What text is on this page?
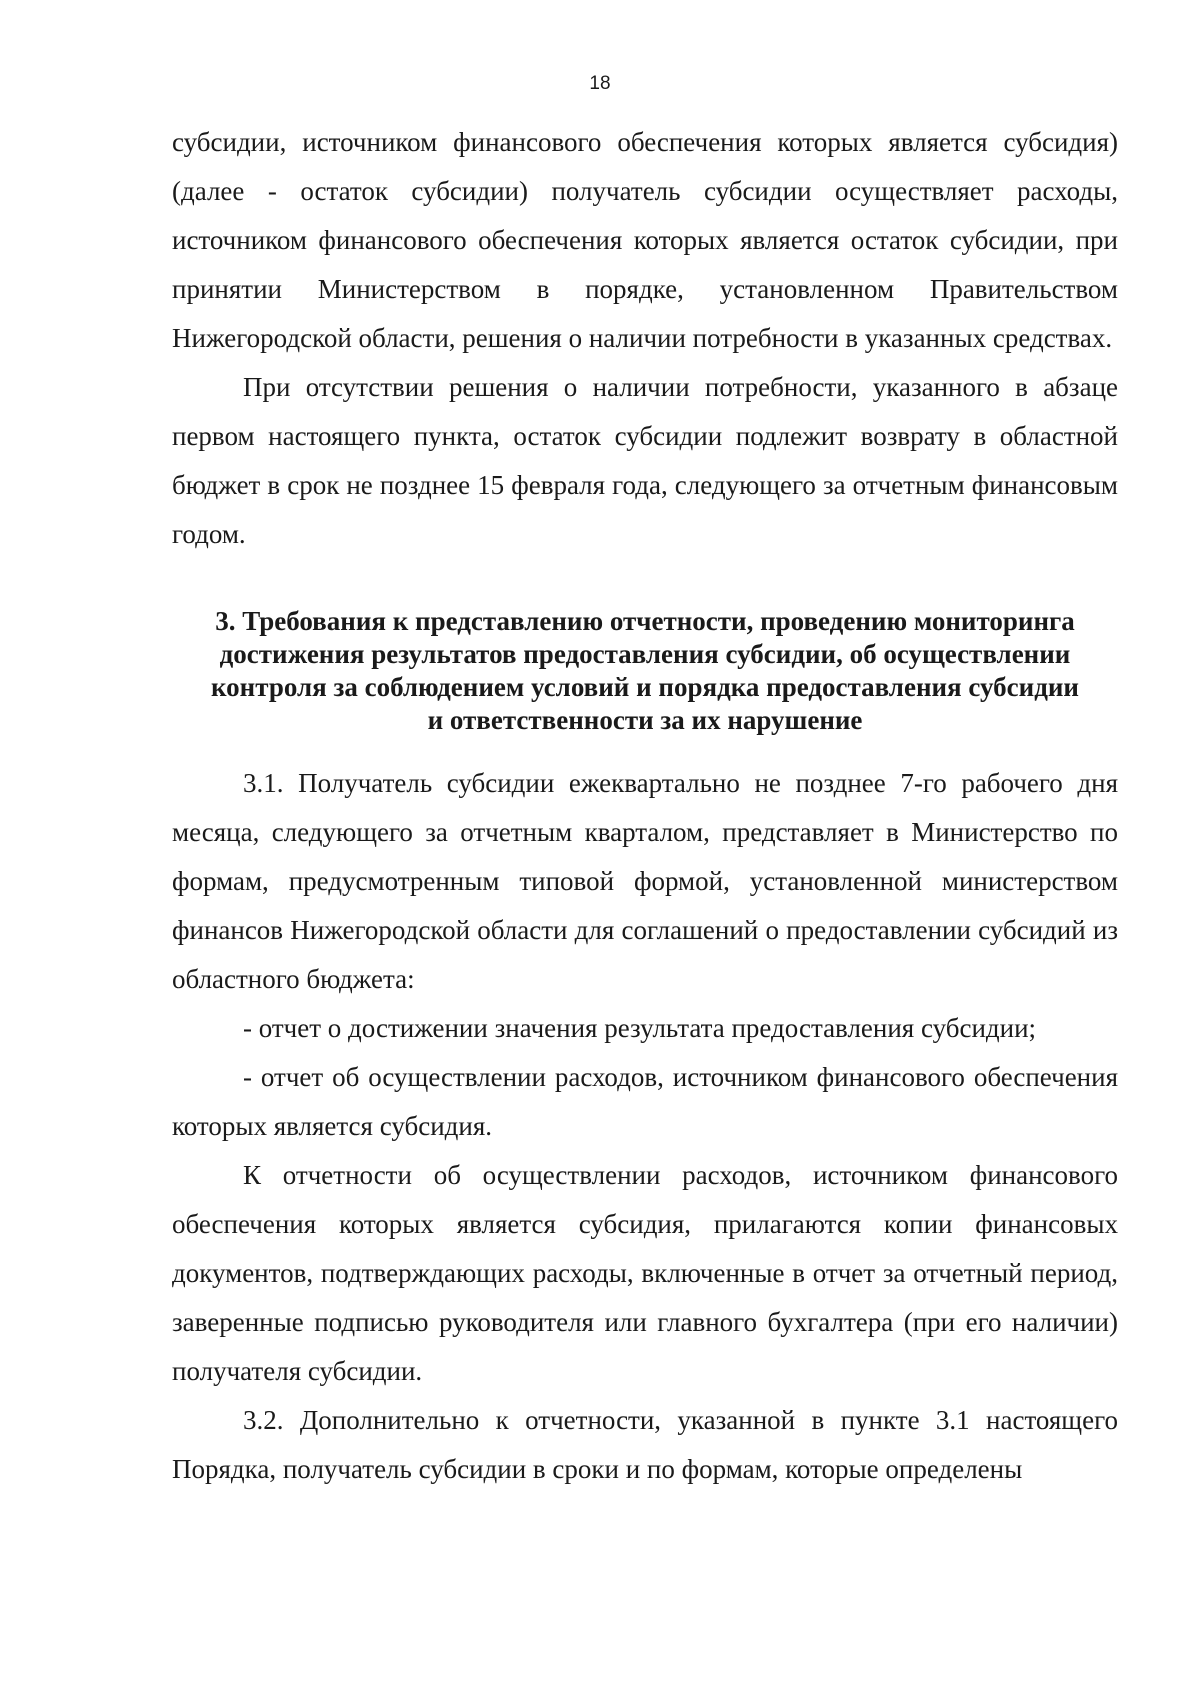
18

субсидии, источником финансового обеспечения которых является субсидия) (далее - остаток субсидии) получатель субсидии осуществляет расходы, источником финансового обеспечения которых является остаток субсидии, при принятии Министерством в порядке, установленном Правительством Нижегородской области, решения о наличии потребности в указанных средствах.

При отсутствии решения о наличии потребности, указанного в абзаце первом настоящего пункта, остаток субсидии подлежит возврату в областной бюджет в срок не позднее 15 февраля года, следующего за отчетным финансовым годом.

3. Требования к представлению отчетности, проведению мониторинга
достижения результатов предоставления субсидии, об осуществлении
контроля за соблюдением условий и порядка предоставления субсидии
и ответственности за их нарушение

3.1. Получатель субсидии ежеквартально не позднее 7-го рабочего дня месяца, следующего за отчетным кварталом, представляет в Министерство по формам, предусмотренным типовой формой, установленной министерством финансов Нижегородской области для соглашений о предоставлении субсидий из областного бюджета:

- отчет о достижении значения результата предоставления субсидии;

- отчет об осуществлении расходов, источником финансового обеспечения которых является субсидия.

К отчетности об осуществлении расходов, источником финансового обеспечения которых является субсидия, прилагаются копии финансовых документов, подтверждающих расходы, включенные в отчет за отчетный период, заверенные подписью руководителя или главного бухгалтера (при его наличии) получателя субсидии.

3.2. Дополнительно к отчетности, указанной в пункте 3.1 настоящего Порядка, получатель субсидии в сроки и по формам, которые определены
